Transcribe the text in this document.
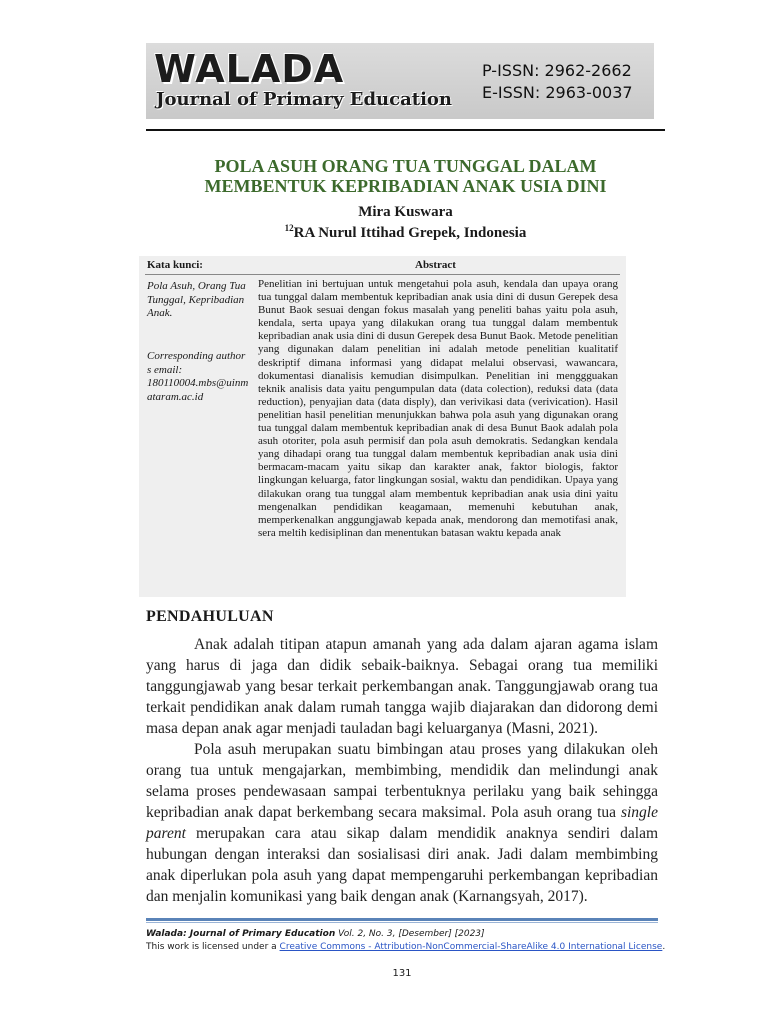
WALADA
Journal of Primary Education
P-ISSN: 2962-2662
E-ISSN: 2963-0037
POLA ASUH ORANG TUA TUNGGAL DALAM
MEMBENTUK KEPRIBADIAN ANAK USIA DINI
Mira Kuswara
$^{12}$RA Nurul Ittihad Grepek, Indonesia
Kata kunci:	Abstract
Pola Asuh, Orang Tua Tunggal, Kepribadian Anak.
Corresponding authors email:
180110004.mbs@uinmataram.ac.id
Penelitian ini bertujuan untuk mengetahui pola asuh, kendala dan upaya orang tua tunggal dalam membentuk kepribadian anak usia dini di dusun Gerepek desa Bunut Baok sesuai dengan fokus masalah yang peneliti bahas yaitu pola asuh, kendala, serta upaya yang dilakukan orang tua tunggal dalam membentuk kepribadian anak usia dini di dusun Gerepek desa Bunut Baok. Metode penelitian yang digunakan dalam penelitian ini adalah metode penelitian kualitatif deskriptif dimana informasi yang didapat melalui observasi, wawancara, dokumentasi dianalisis kemudian disimpulkan. Penelitian ini menggguakan teknik analisis data yaitu pengumpulan data (data colection), reduksi data (data reduction), penyajian data (data disply), dan verivikasi data (verivication). Hasil penelitian hasil penelitian menunjukkan bahwa pola asuh yang digunakan orang tua tunggal dalam membentuk kepribadian anak di desa Bunut Baok adalah pola asuh otoriter, pola asuh permisif dan pola asuh demokratis. Sedangkan kendala yang dihadapi orang tua tunggal dalam membentuk kepribadian anak usia dini bermacam-macam yaitu sikap dan karakter anak, faktor biologis, faktor lingkungan keluarga, fator lingkungan sosial, waktu dan pendidikan. Upaya yang dilakukan orang tua tunggal alam membentuk kepribadian anak usia dini yaitu mengenalkan pendidikan keagamaan, memenuhi kebutuhan anak, memperkenalkan anggungjawab kepada anak, mendorong dan memotifasi anak, sera meltih kedisiplinan dan menentukan batasan waktu kepada anak
PENDAHULUAN

Anak adalah titipan atapun amanah yang ada dalam ajaran agama islam yang harus di jaga dan didik sebaik-baiknya. Sebagai orang tua memiliki tanggungjawab yang besar terkait perkembangan anak. Tanggungjawab orang tua terkait pendidikan anak dalam rumah tangga wajib diajarakan dan didorong demi masa depan anak agar menjadi tauladan bagi keluarganya (Masni, 2021).

Pola asuh merupakan suatu bimbingan atau proses yang dilakukan oleh orang tua untuk mengajarkan, membimbing, mendidik dan melindungi anak selama proses pendewasaan sampai terbentuknya perilaku yang baik sehingga kepribadian anak dapat berkembang secara maksimal. Pola asuh orang tua single parent merupakan cara atau sikap dalam mendidik anaknya sendiri dalam hubungan dengan interaksi dan sosialisasi diri anak. Jadi dalam membimbing anak diperlukan pola asuh yang dapat mempengaruhi perkembangan kepribadian dan menjalin komunikasi yang baik dengan anak (Karnangsyah, 2017).

Walada: Journal of Primary Education Vol. 2, No. 3, [Desember] [2023]
This work is licensed under a Creative Commons - Attribution-NonCommercial-ShareAlike 4.0 International License.
131
